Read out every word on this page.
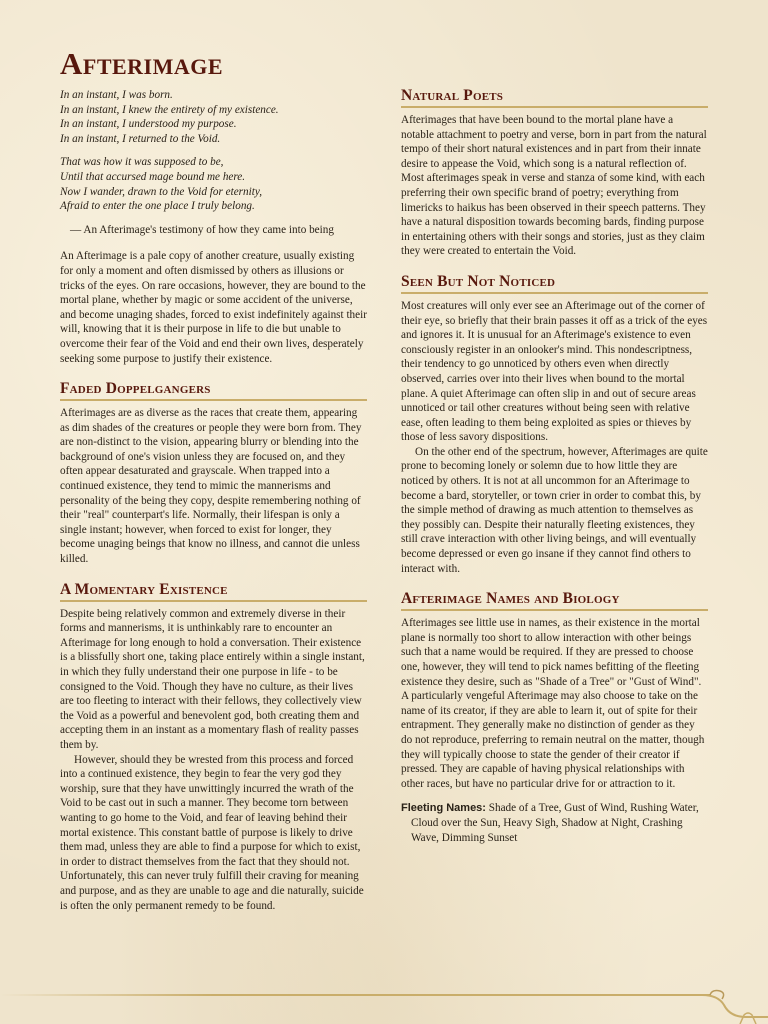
Afterimage

In an instant, I was born.

In an instant, I knew the entirety of my existence.

In an instant, I understood my purpose.

In an instant, I returned to the Void.

That was how it was supposed to be,

Until that accursed mage bound me here.

Now I wander, drawn to the Void for eternity,

Afraid to enter the one place I truly belong.

— An Afterimage's testimony of how they came into being

An Afterimage is a pale copy of another creature, usually existing for only a moment and often dismissed by others as illusions or tricks of the eyes. On rare occasions, however, they are bound to the mortal plane, whether by magic or some accident of the universe, and become unaging shades, forced to exist indefinitely against their will, knowing that it is their purpose in life to die but unable to overcome their fear of the Void and end their own lives, desperately seeking some purpose to justify their existence.

Faded Doppelgangers

Afterimages are as diverse as the races that create them, appearing as dim shades of the creatures or people they were born from. They are non-distinct to the vision, appearing blurry or blending into the background of one's vision unless they are focused on, and they often appear desaturated and grayscale. When trapped into a continued existence, they tend to mimic the mannerisms and personality of the being they copy, despite remembering nothing of their "real" counterpart's life. Normally, their lifespan is only a single instant; however, when forced to exist for longer, they become unaging beings that know no illness, and cannot die unless killed.

A Momentary Existence

Despite being relatively common and extremely diverse in their forms and mannerisms, it is unthinkably rare to encounter an Afterimage for long enough to hold a conversation. Their existence is a blissfully short one, taking place entirely within a single instant, in which they fully understand their one purpose in life - to be consigned to the Void. Though they have no culture, as their lives are too fleeting to interact with their fellows, they collectively view the Void as a powerful and benevolent god, both creating them and accepting them in an instant as a momentary flash of reality passes them by.

However, should they be wrested from this process and forced into a continued existence, they begin to fear the very god they worship, sure that they have unwittingly incurred the wrath of the Void to be cast out in such a manner. They become torn between wanting to go home to the Void, and fear of leaving behind their mortal existence. This constant battle of purpose is likely to drive them mad, unless they are able to find a purpose for which to exist, in order to distract themselves from the fact that they should not. Unfortunately, this can never truly fulfill their craving for meaning and purpose, and as they are unable to age and die naturally, suicide is often the only permanent remedy to be found.

Natural Poets

Afterimages that have been bound to the mortal plane have a notable attachment to poetry and verse, born in part from the natural tempo of their short natural existences and in part from their innate desire to appease the Void, which song is a natural reflection of. Most afterimages speak in verse and stanza of some kind, with each preferring their own specific brand of poetry; everything from limericks to haikus has been observed in their speech patterns. They have a natural disposition towards becoming bards, finding purpose in entertaining others with their songs and stories, just as they claim they were created to entertain the Void.

Seen But Not Noticed

Most creatures will only ever see an Afterimage out of the corner of their eye, so briefly that their brain passes it off as a trick of the eyes and ignores it. It is unusual for an Afterimage's existence to even consciously register in an onlooker's mind. This nondescriptness, their tendency to go unnoticed by others even when directly observed, carries over into their lives when bound to the mortal plane. A quiet Afterimage can often slip in and out of secure areas unnoticed or tail other creatures without being seen with relative ease, often leading to them being exploited as spies or thieves by those of less savory dispositions.

On the other end of the spectrum, however, Afterimages are quite prone to becoming lonely or solemn due to how little they are noticed by others. It is not at all uncommon for an Afterimage to become a bard, storyteller, or town crier in order to combat this, by the simple method of drawing as much attention to themselves as they possibly can. Despite their naturally fleeting existences, they still crave interaction with other living beings, and will eventually become depressed or even go insane if they cannot find others to interact with.

Afterimage Names and Biology

Afterimages see little use in names, as their existence in the mortal plane is normally too short to allow interaction with other beings such that a name would be required. If they are pressed to choose one, however, they will tend to pick names befitting of the fleeting existence they desire, such as "Shade of a Tree" or "Gust of Wind". A particularly vengeful Afterimage may also choose to take on the name of its creator, if they are able to learn it, out of spite for their entrapment. They generally make no distinction of gender as they do not reproduce, preferring to remain neutral on the matter, though they will typically choose to state the gender of their creator if pressed. They are capable of having physical relationships with other races, but have no particular drive for or attraction to it.

Fleeting Names: Shade of a Tree, Gust of Wind, Rushing Water, Cloud over the Sun, Heavy Sigh, Shadow at Night, Crashing Wave, Dimming Sunset
